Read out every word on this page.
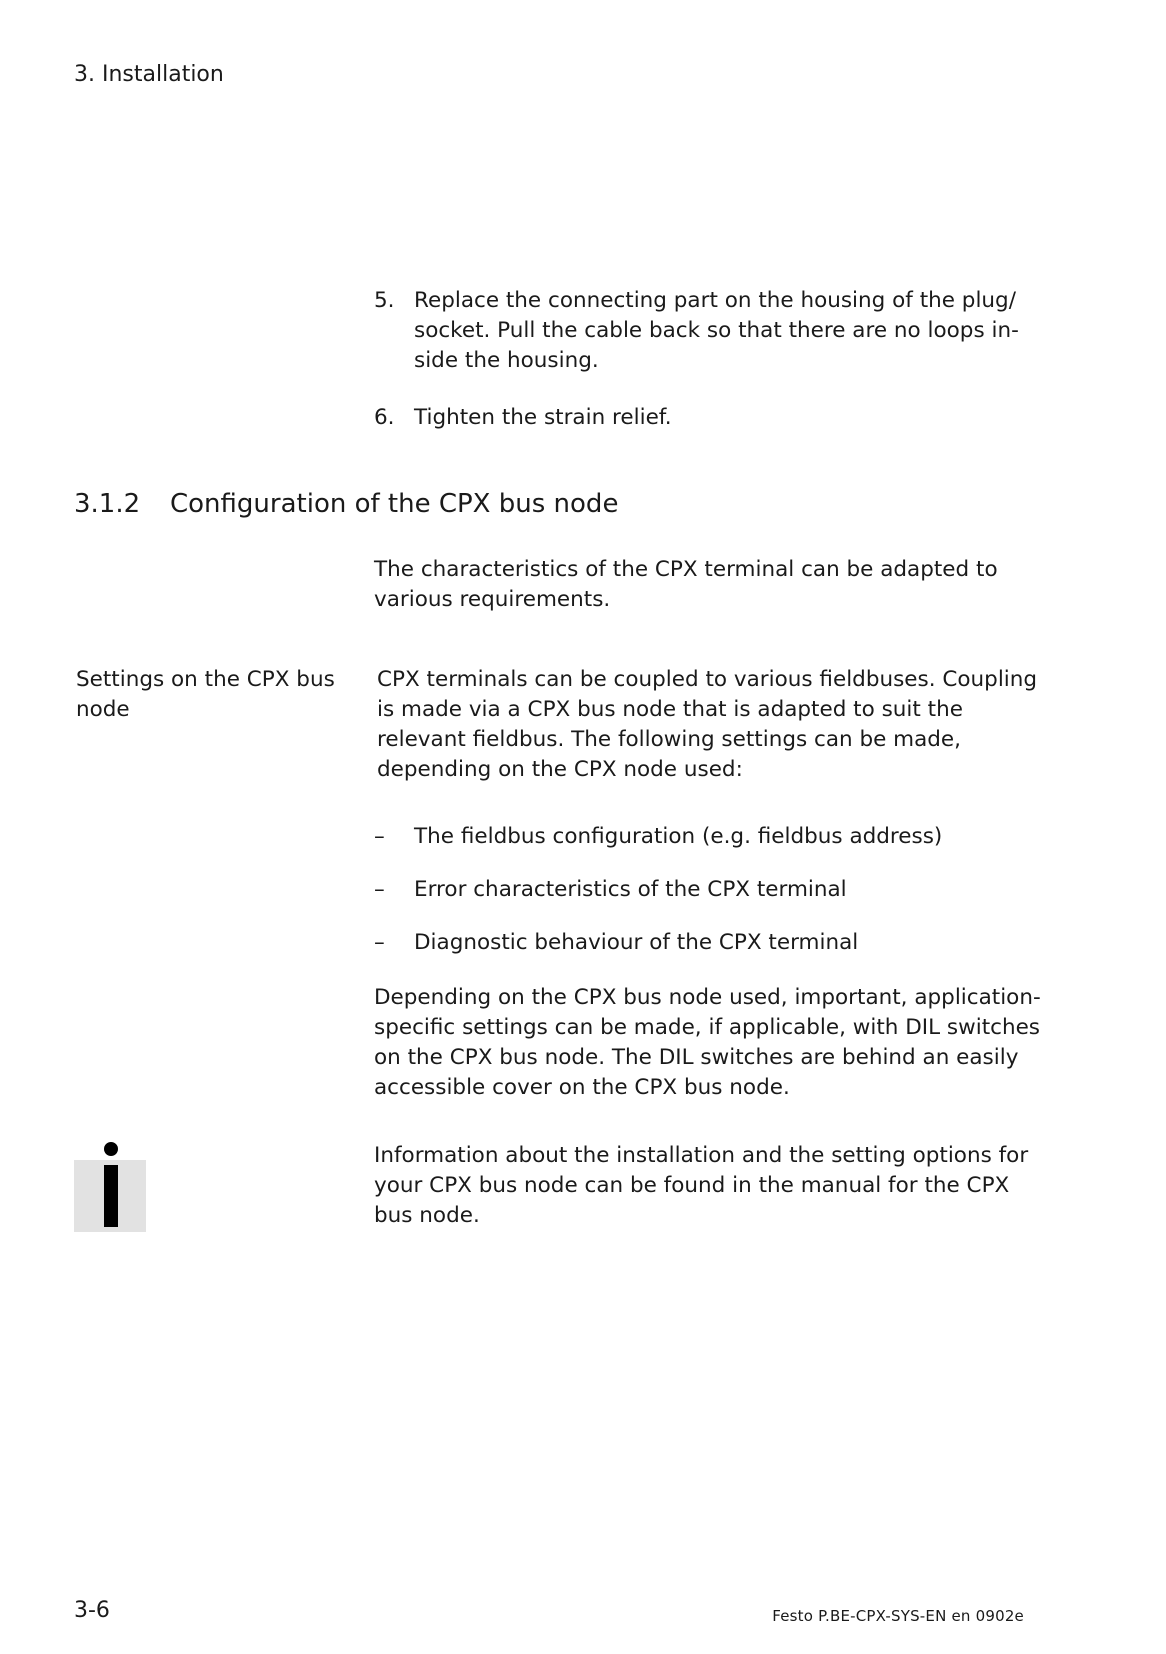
3. Installation
5. Replace the connecting part on the housing of the plug/ socket. Pull the cable back so that there are no loops in-side the housing.
6. Tighten the strain relief.
3.1.2 Configuration of the CPX bus node
The characteristics of the CPX terminal can be adapted to various requirements.
Settings on the CPX bus node
CPX terminals can be coupled to various fieldbuses. Coupling is made via a CPX bus node that is adapted to suit the relevant fieldbus. The following settings can be made, depending on the CPX node used:
– The fieldbus configuration (e.g. fieldbus address)
– Error characteristics of the CPX terminal
– Diagnostic behaviour of the CPX terminal
Depending on the CPX bus node used, important, application-specific settings can be made, if applicable, with DIL switches on the CPX bus node. The DIL switches are behind an easily accessible cover on the CPX bus node.
Information about the installation and the setting options for your CPX bus node can be found in the manual for the CPX bus node.
3-6	Festo P.BE-CPX-SYS-EN en 0902e
